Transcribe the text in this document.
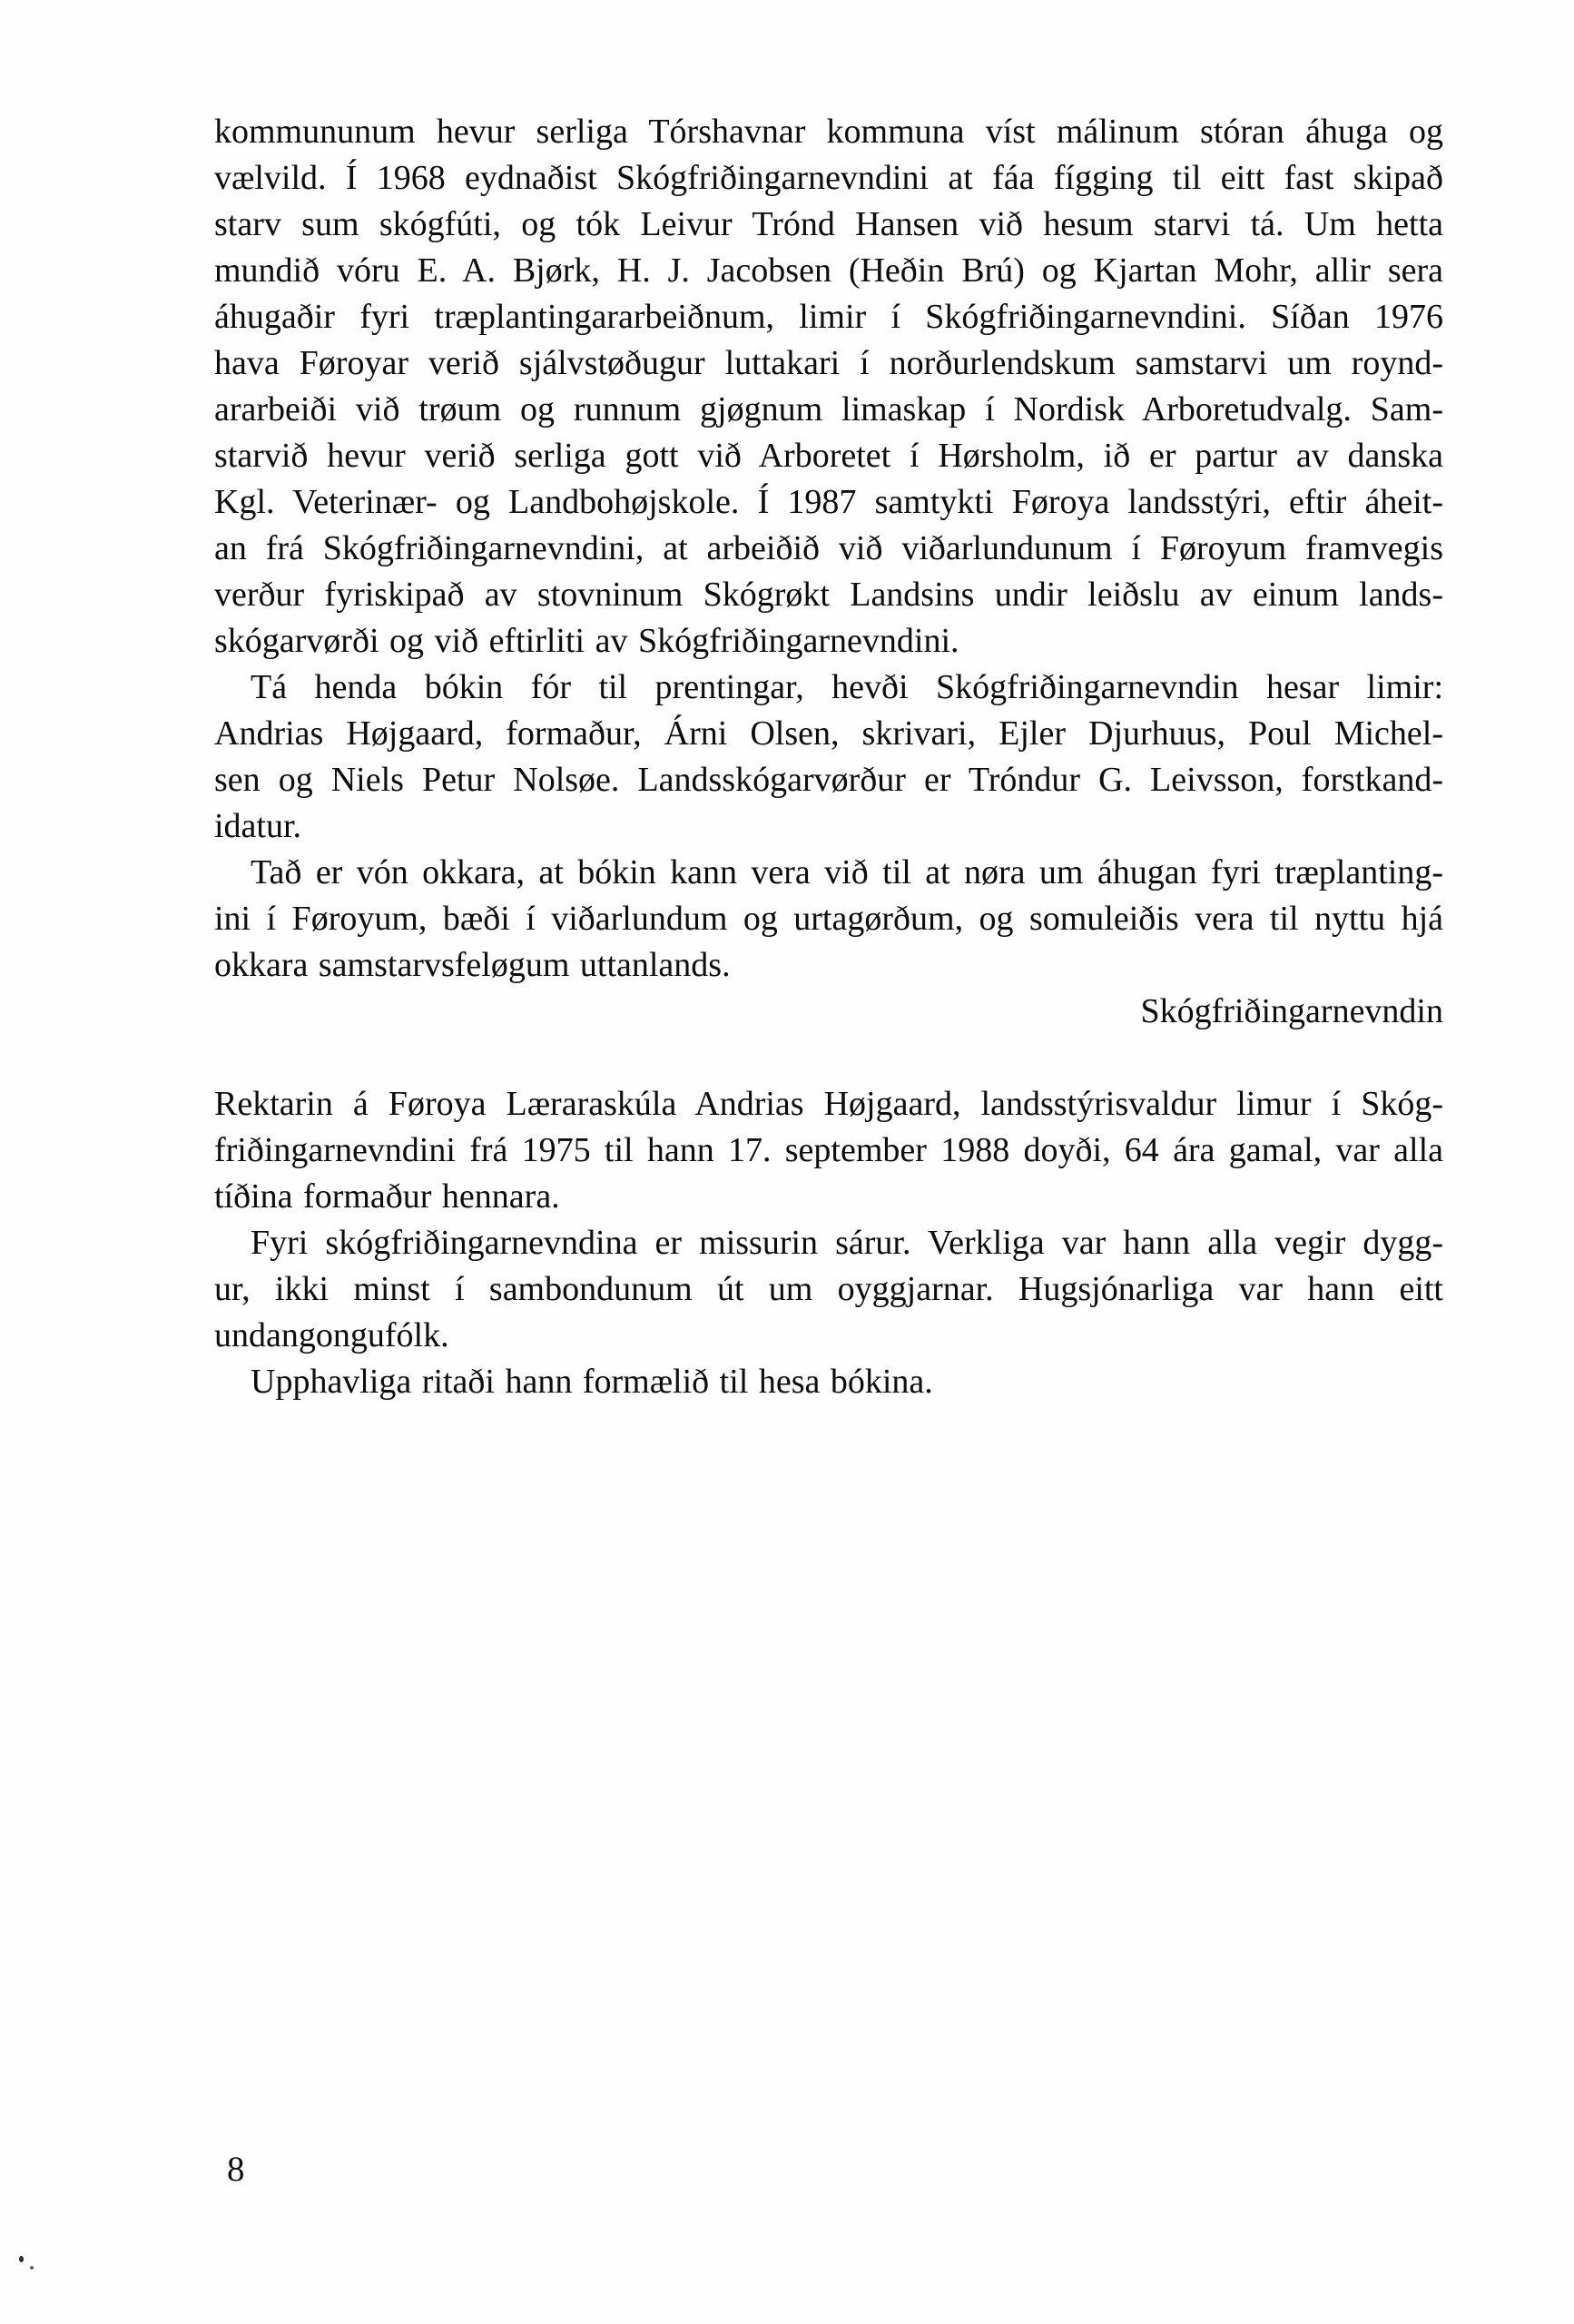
kommununum hevur serliga Tórshavnar kommuna víst málinum stóran áhuga og
vælvild. Í 1968 eydnaðist Skógfriðingarnevndini at fáa fígging til eitt fast skipað
starv sum skógfúti, og tók Leivur Trónd Hansen við hesum starvi tá. Um hetta
mundið vóru E. A. Bjørk, H. J. Jacobsen (Heðin Brú) og Kjartan Mohr, allir sera
áhugaðir fyri træplantingararbeiðnum, limir í Skógfriðingarnevndini. Síðan 1976
hava Føroyar verið sjálvstøðugur luttakari í norðurlendskum samstarvi um roynd-
ararbeiði við trøum og runnum gjøgnum limaskap í Nordisk Arboretudvalg. Sam-
starvið hevur verið serliga gott við Arboretet í Hørsholm, ið er partur av danska
Kgl. Veterinær- og Landbohøjskole. Í 1987 samtykti Føroya landsstýri, eftir áheit-
an frá Skógfriðingarnevndini, at arbeiðið við viðarlundunum í Føroyum framvegis
verður fyriskipað av stovninum Skógrøkt Landsins undir leiðslu av einum lands-
skógarvørði og við eftirliti av Skógfriðingarnevndini.
Tá henda bókin fór til prentingar, hevði Skógfriðingarnevndin hesar limir:
Andrias Højgaard, formaður, Árni Olsen, skrivari, Ejler Djurhuus, Poul Michel-
sen og Niels Petur Nolsøe. Landsskógarvørður er Tróndur G. Leivsson, forstkand-
idatur.
Tað er vón okkara, at bókin kann vera við til at nøra um áhugan fyri træplanting-
ini í Føroyum, bæði í viðarlundum og urtagørðum, og somuleiðis vera til nyttu hjá
okkara samstarvsfeløgum uttanlands.
Skógfriðingarnevndin
Rektarin á Føroya Læraraskúla Andrias Højgaard, landsstýrisvaldur limur í Skóg-
friðingarnevndini frá 1975 til hann 17. september 1988 doyði, 64 ára gamal, var alla
tíðina formaður hennara.
Fyri skógfriðingarnevndina er missurin sárur. Verkliga var hann alla vegir dygg-
ur, ikki minst í sambondunum út um oyggjarnar. Hugsjónarliga var hann eitt
undangongufólk.
Upphavliga ritaði hann formælið til hesa bókina.
8
